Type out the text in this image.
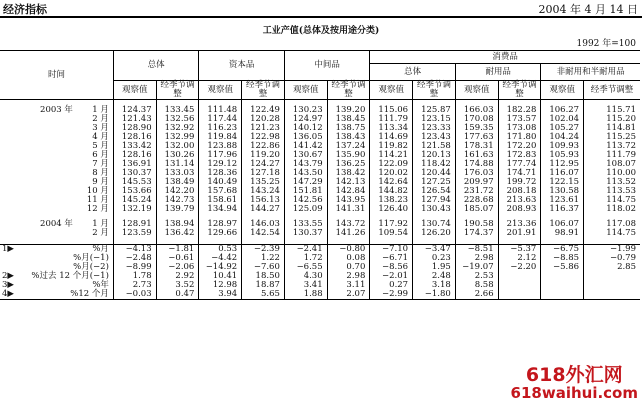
经济指标	2004 年 4 月 14 日
工业产值(总体及按用途分类)
1992 年=100
时间		总体		资本品		中间品		消费品					
								总体		耐用品		非耐用和半耐用品	
		观察值	经季节调整	观察值	经季节调整	观察值	经季节调整	观察值	经季节调整	观察值	经季节调整	观察值	经季节调整

	2003 年 1 月	124.37	133.45	111.48	122.49	130.23	139.20	115.06	125.87	166.03	182.28	106.27	115.71
	2 月	121.43	132.56	117.44	120.28	124.97	138.45	111.79	123.15	170.08	173.57	102.04	115.20
	3 月	128.90	132.92	116.23	121.23	140.12	138.75	113.34	123.33	159.35	173.08	105.27	114.81
	4 月	128.16	132.99	119.84	122.98	136.05	138.43	114.69	123.43	177.63	171.80	104.24	115.25
	5 月	133.42	132.00	123.88	122.86	141.42	137.24	119.82	121.58	178.31	172.20	109.93	113.72
	6 月	128.16	130.26	117.96	119.20	130.67	135.90	114.21	120.13	161.63	172.83	105.93	111.79
	7 月	136.91	131.14	129.12	124.27	143.79	136.25	122.09	118.42	174.88	177.74	112.95	108.07
	8 月	130.37	133.03	128.36	127.18	143.50	138.42	120.02	120.44	176.03	174.71	116.07	110.00
	9 月	145.53	138.49	140.49	135.25	147.29	142.13	142.64	127.25	209.97	199.72	122.15	113.52
	10 月	153.66	142.20	157.68	143.24	151.81	142.84	144.82	126.54	231.72	208.18	130.58	113.53
	11 月	145.24	142.73	158.61	156.13	142.56	143.95	138.23	127.94	228.68	213.63	123.61	114.75
	12 月	132.19	139.79	134.94	144.27	125.09	141.31	126.40	130.43	185.07	208.93	116.37	118.02

	2004 年 1 月	128.91	138.94	128.97	146.03	133.55	143.72	117.92	130.74	190.58	213.36	106.07	117.08
	2 月	123.59	136.42	129.66	142.54	130.37	141.26	109.54	126.20	174.37	201.91	98.91	114.75

1▶	%月	−4.13	−1.81	0.53	−2.39	−2.41	−0.80	−7.10	−3.47	−8.51	−5.37	−6.75	−1.99
	%月(−1)	−2.48	−0.61	−4.42	1.22	1.72	0.08	−6.71	0.23	2.98	2.12	−8.85	−0.79
	%月(−2)	−8.99	−2.06	−14.92	−7.60	−6.55	0.70	−8.56	1.95	−19.07	−2.20	−5.86	2.85
2▶	%过去 12 个月(−1)	1.78	2.92	10.41	18.50	4.30	2.98	−2.01	2.48	2.53			
3▶	%年	2.73	3.52	12.98	18.87	3.41	3.11	0.27	3.18	8.58			
4▶	%12 个月	−0.03	0.47	3.94	5.65	1.88	2.07	−2.99	−1.80	2.66			
618外汇网
618waihui.com
